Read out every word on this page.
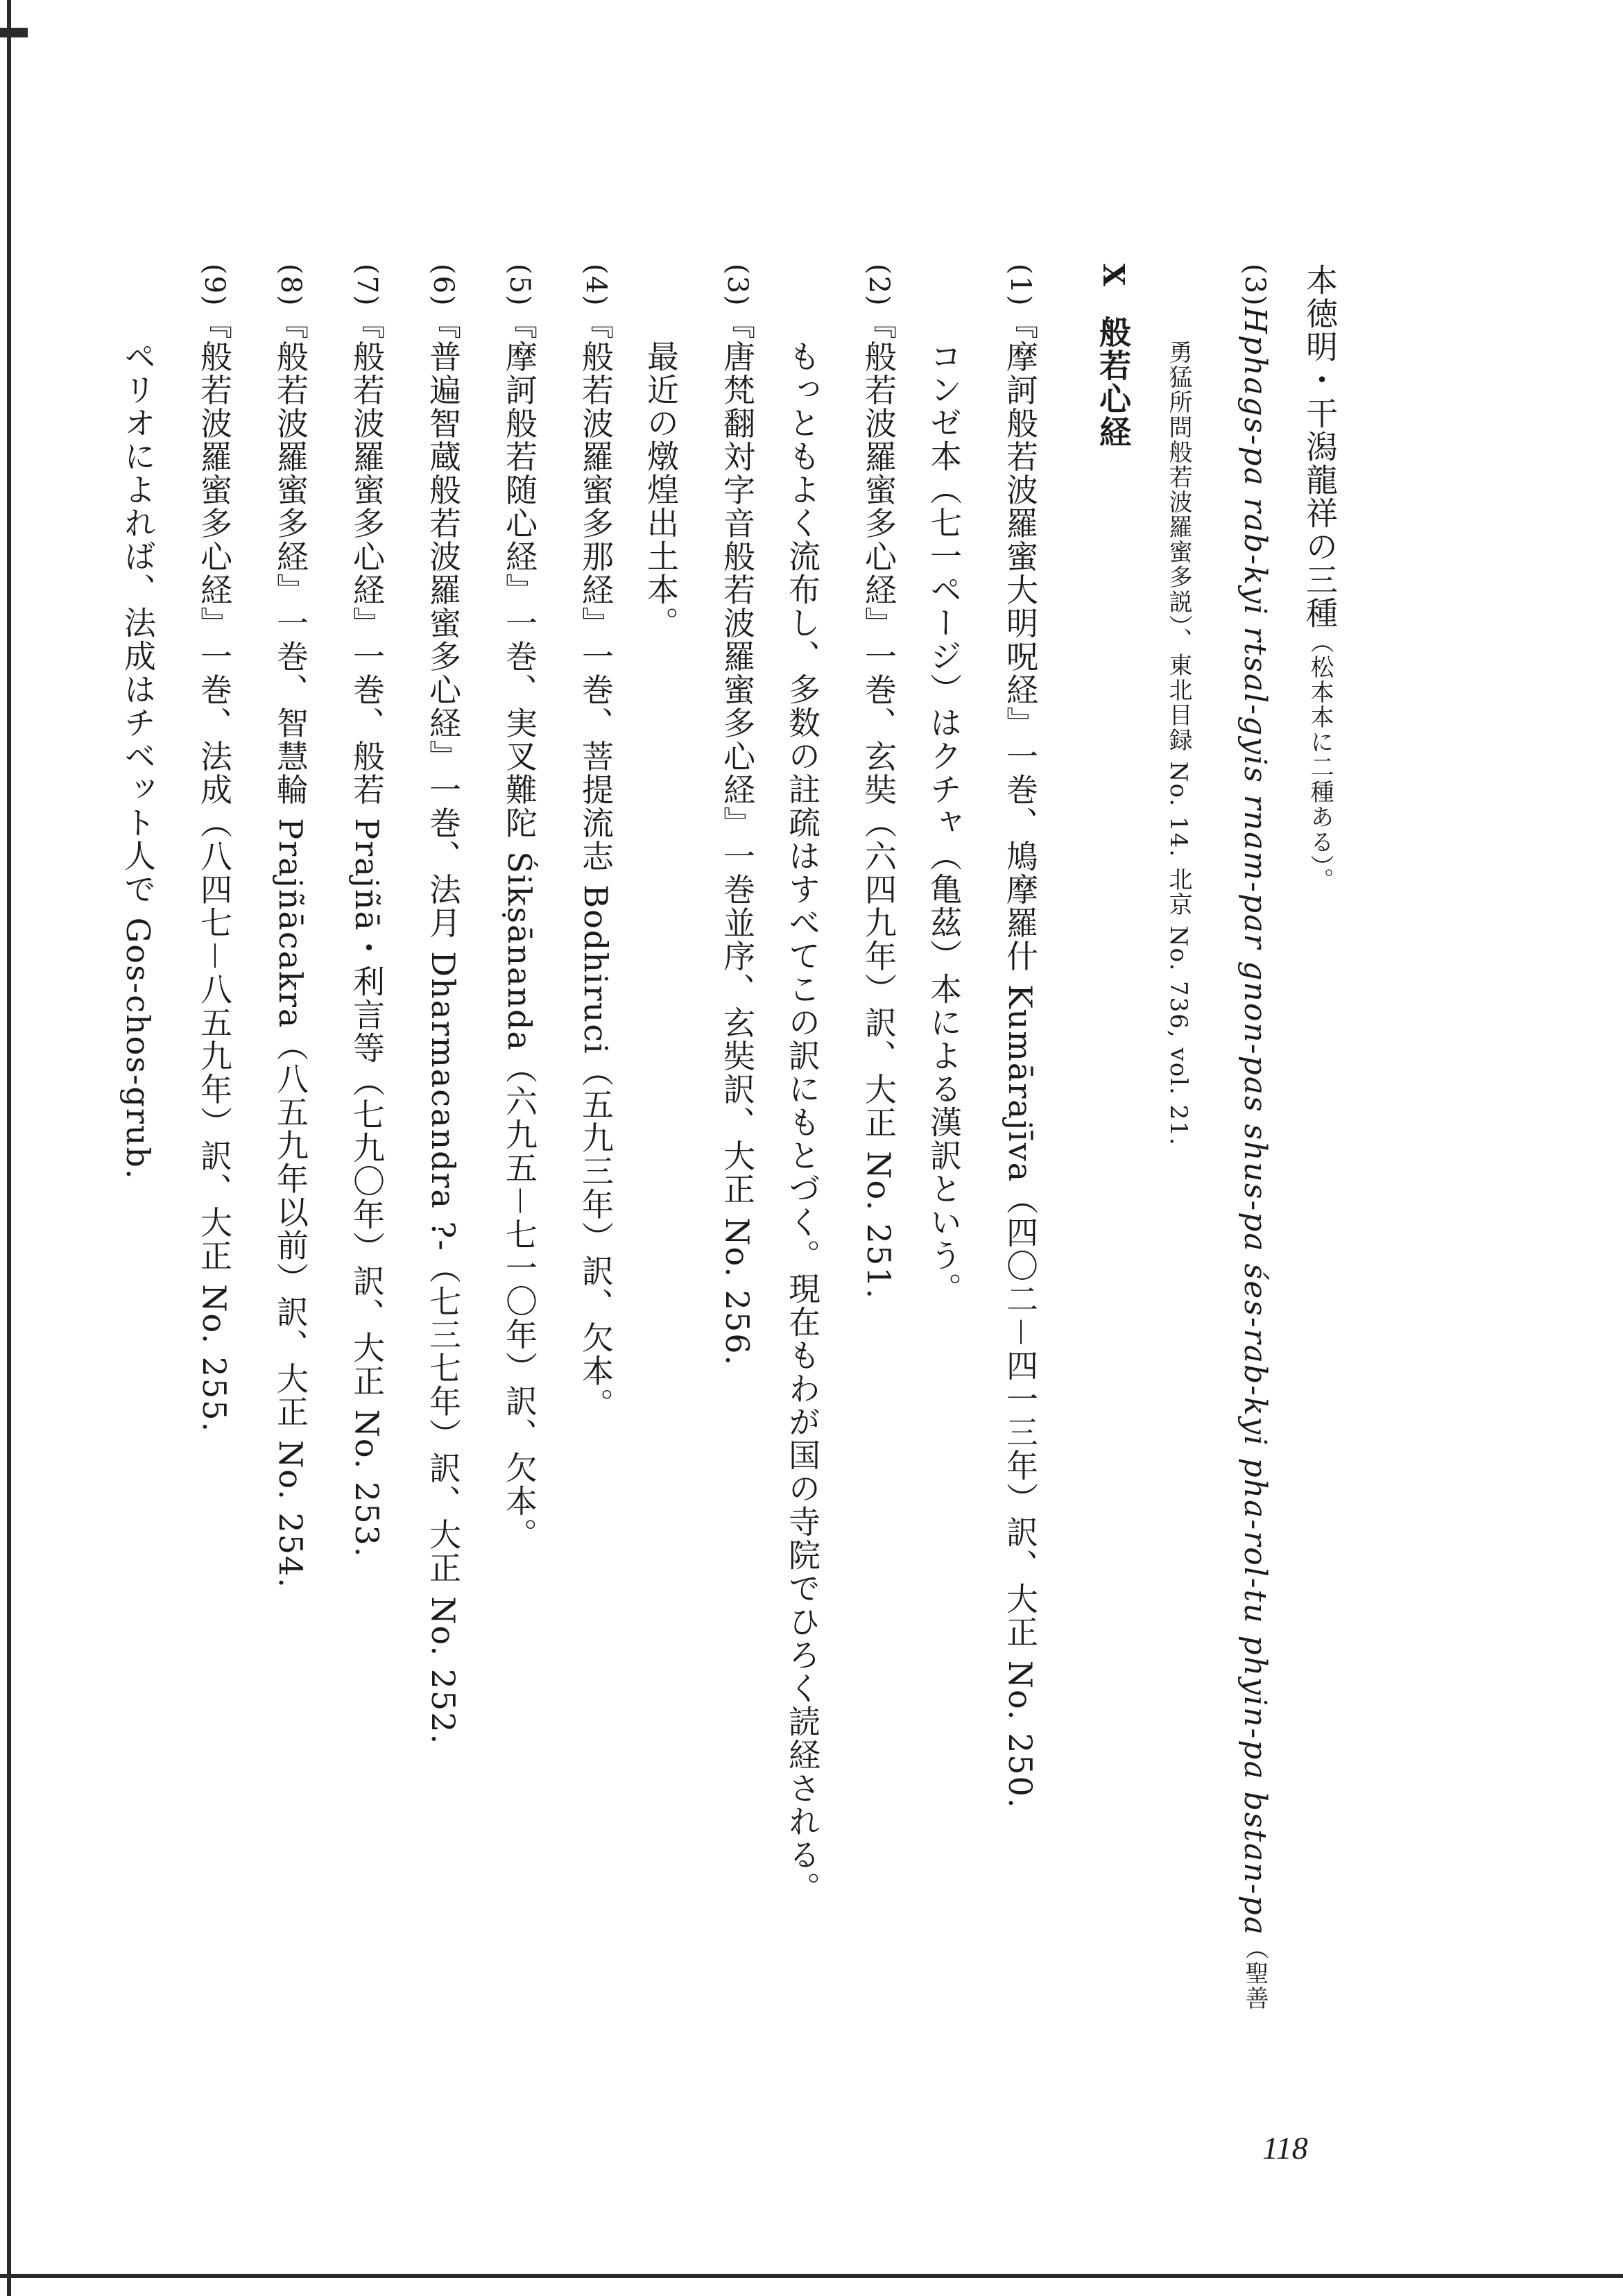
本徳明・干潟龍祥の三種（松本本に二種ある）。
(3)Hphags-pa rab-kyi rtsal-gyis rnam-par gnon-pas shus-pa śes-rab-kyi pha-rol-tu phyin-pa bstan-pa（聖善
勇猛所問般若波羅蜜多説）、東北目録 No. 14. 北京 No. 736, vol. 21.
X般若心経
(1)『摩訶般若波羅蜜大明呪経』一巻、鳩摩羅什 Kumārajīva（四〇二－四一三年）訳、大正 No. 250.
コンゼ本（七一ページ）はクチャ（亀茲）本による漢訳という。
(2)『般若波羅蜜多心経』一巻、玄奘（六四九年）訳、大正 No. 251.
もっともよく流布し、多数の註疏はすべてこの訳にもとづく。現在もわが国の寺院でひろく読経される。
(3)『唐梵翻対字音般若波羅蜜多心経』一巻並序、玄奘訳、大正 No. 256.
最近の燉煌出土本。
(4)『般若波羅蜜多那経』一巻、菩提流志 Bodhiruci（五九三年）訳、欠本。
(5)『摩訶般若随心経』一巻、実叉難陀 Śikṣānanda（六九五－七一〇年）訳、欠本。
(6)『普遍智蔵般若波羅蜜多心経』一巻、法月 Dharmacandra ?-（七三七年）訳、大正 No. 252.
(7)『般若波羅蜜多心経』一巻、般若 Prajñā・利言等（七九〇年）訳、大正 No. 253.
(8)『般若波羅蜜多経』一巻、智慧輪 Prajñācakra（八五九年以前）訳、大正 No. 254.
(9)『般若波羅蜜多心経』一巻、法成（八四七－八五九年）訳、大正 No. 255.
ペリオによれば、法成はチベット人で Gos-chos-grub.
118
